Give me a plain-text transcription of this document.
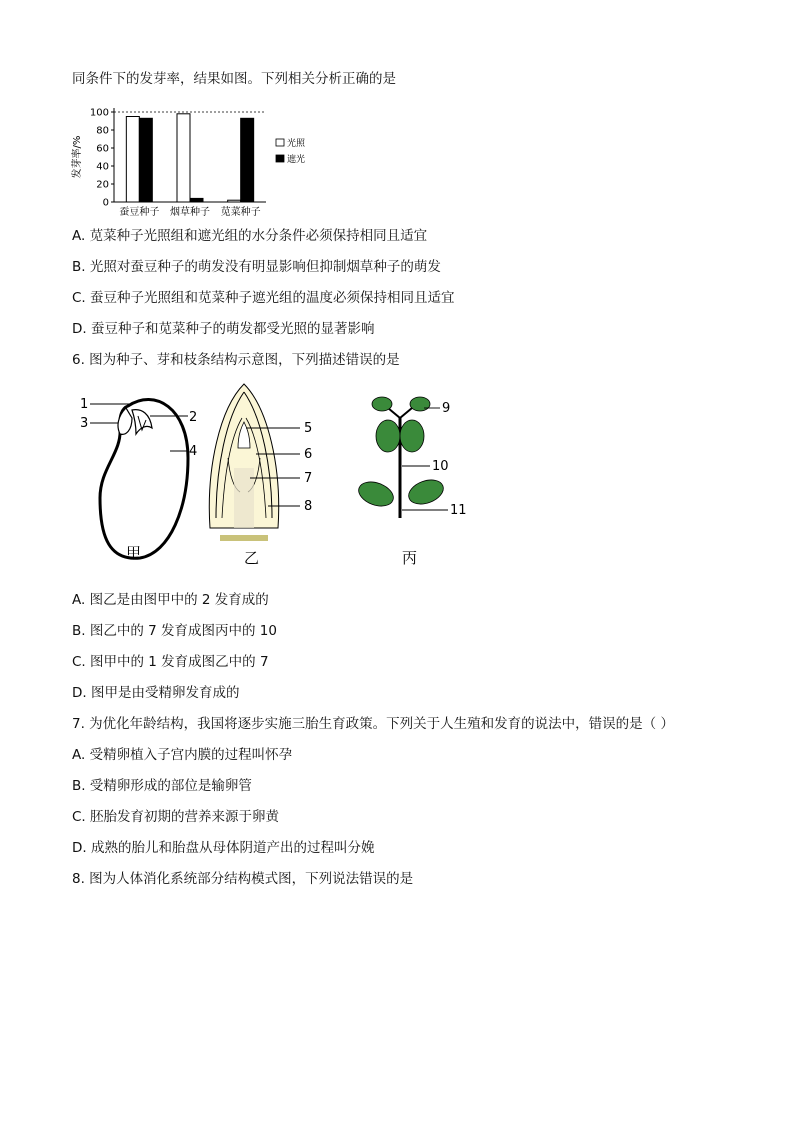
同条件下的发芽率，结果如图。下列相关分析正确的是
发芽率/%
0
20
40
60
80
100
蚕豆种子 烟草种子 苋菜种子
光照
遮光
A. 苋菜种子光照组和遮光组的水分条件必须保持相同且适宜
B. 光照对蚕豆种子的萌发没有明显影响但抑制烟草种子的萌发
C. 蚕豆种子光照组和苋菜种子遮光组的温度必须保持相同且适宜
D. 蚕豆种子和苋菜种子的萌发都受光照的显著影响
6. 图为种子、芽和枝条结构示意图，下列描述错误的是
1
2
3
4
甲
5
6
7
8
乙
9
10
11
丙
A. 图乙是由图甲中的 2 发育成的
B. 图乙中的 7 发育成图丙中的 10
C. 图甲中的 1 发育成图乙中的 7
D. 图甲是由受精卵发育成的
7. 为优化年龄结构，我国将逐步实施三胎生育政策。下列关于人生殖和发育的说法中，错误的是（ ）
A. 受精卵植入子宫内膜的过程叫怀孕
B. 受精卵形成的部位是输卵管
C. 胚胎发育初期的营养来源于卵黄
D. 成熟的胎儿和胎盘从母体阴道产出的过程叫分娩
8. 图为人体消化系统部分结构模式图，下列说法错误的是
